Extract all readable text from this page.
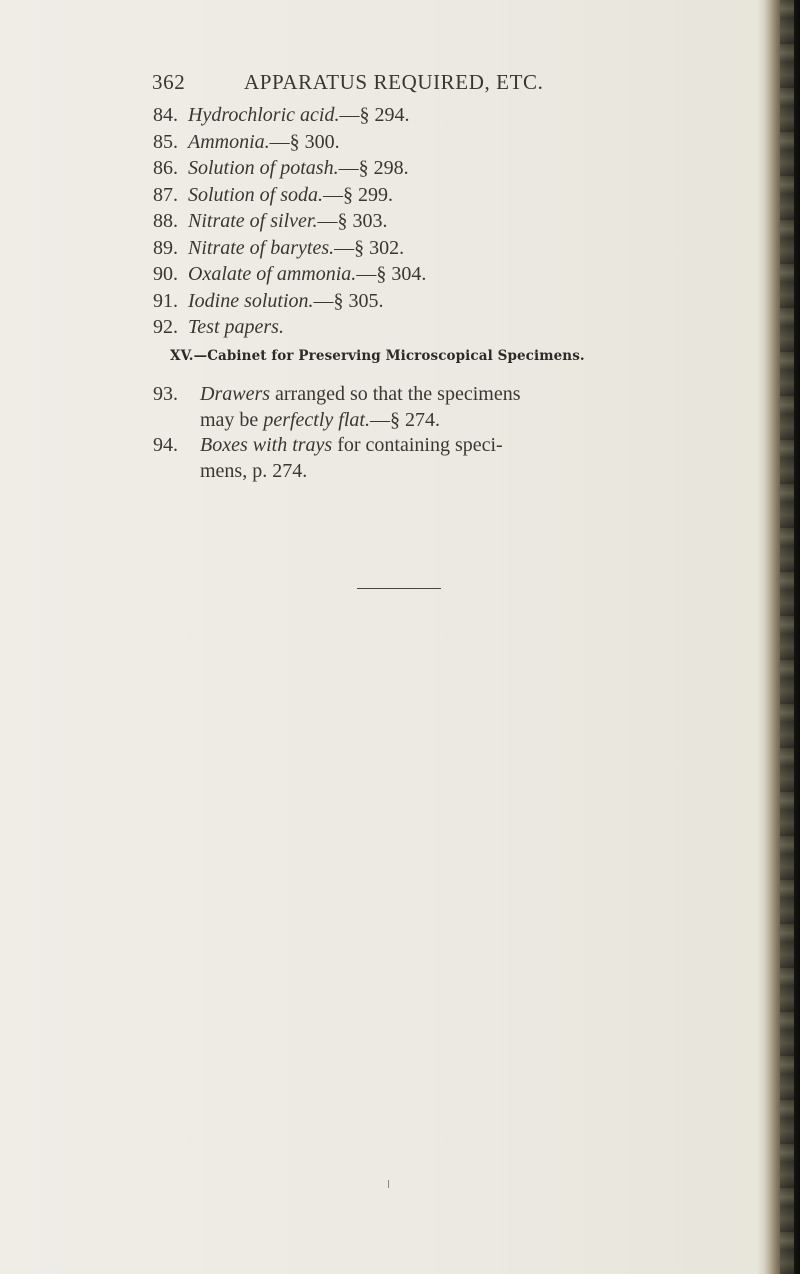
362	APPARATUS REQUIRED, ETC.
84. Hydrochloric acid.—§ 294.
85. Ammonia.—§ 300.
86. Solution of potash.—§ 298.
87. Solution of soda.—§ 299.
88. Nitrate of silver.—§ 303.
89. Nitrate of barytes.—§ 302.
90. Oxalate of ammonia.—§ 304.
91. Iodine solution.—§ 305.
92. Test papers.
XV.—Cabinet for Preserving Microscopical Specimens.
93. Drawers arranged so that the specimens
may be perfectly flat.—§ 274.
94. Boxes with trays for containing speci-
mens, p. 274.
